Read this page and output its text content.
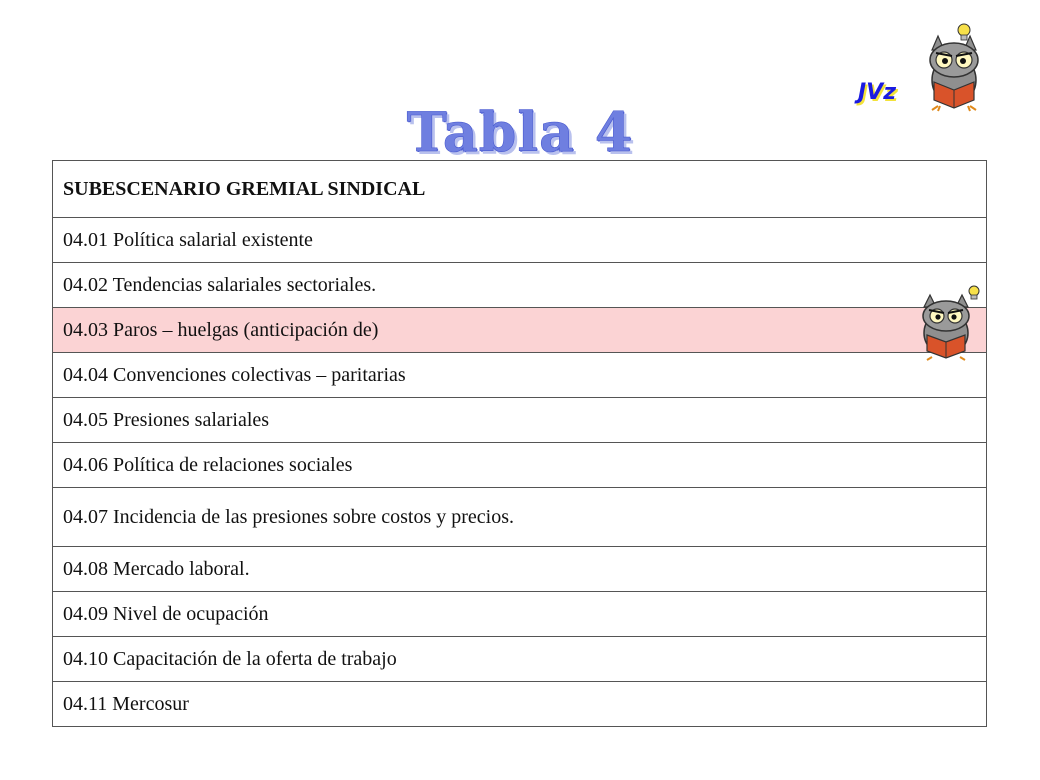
JVz
Tabla 4
SUBESCENARIO GREMIAL SINDICAL
04.01 Política salarial existente
04.02 Tendencias salariales sectoriales.
04.03 Paros – huelgas (anticipación de)
04.04 Convenciones colectivas – paritarias
04.05 Presiones salariales
04.06 Política de relaciones sociales
04.07 Incidencia de las presiones sobre costos y precios.
04.08 Mercado laboral.
04.09 Nivel de ocupación
04.10 Capacitación de la oferta de trabajo
04.11 Mercosur
